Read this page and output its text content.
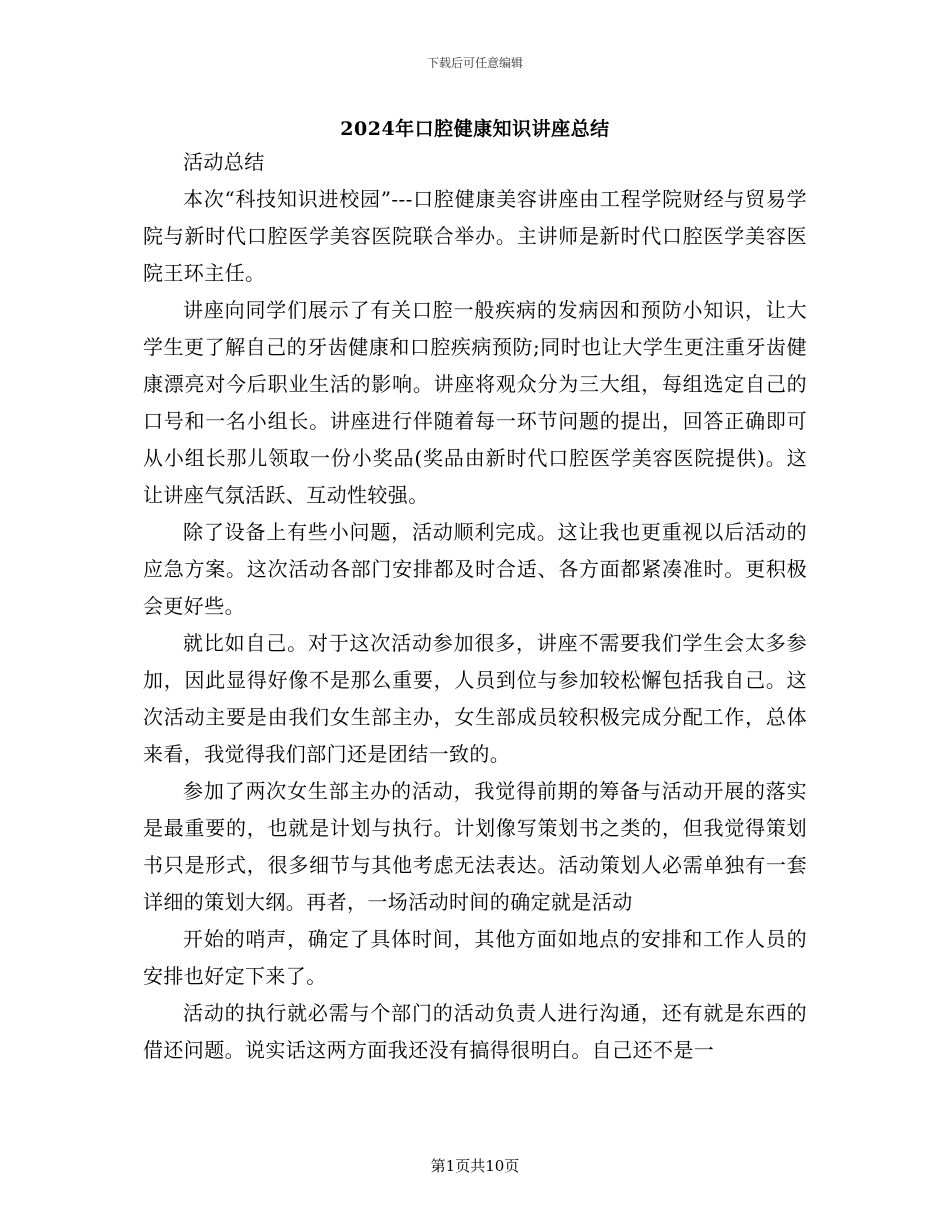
下载后可任意编辑
2024年口腔健康知识讲座总结

活动总结

本次“科技知识进校园”---口腔健康美容讲座由工程学院财经与贸易学院与新时代口腔医学美容医院联合举办。主讲师是新时代口腔医学美容医院王环主任。

讲座向同学们展示了有关口腔一般疾病的发病因和预防小知识，让大学生更了解自己的牙齿健康和口腔疾病预防;同时也让大学生更注重牙齿健康漂亮对今后职业生活的影响。讲座将观众分为三大组，每组选定自己的口号和一名小组长。讲座进行伴随着每一环节问题的提出，回答正确即可从小组长那儿领取一份小奖品(奖品由新时代口腔医学美容医院提供)。这让讲座气氛活跃、互动性较强。

除了设备上有些小问题，活动顺利完成。这让我也更重视以后活动的应急方案。这次活动各部门安排都及时合适、各方面都紧凑准时。更积极会更好些。

就比如自己。对于这次活动参加很多，讲座不需要我们学生会太多参加，因此显得好像不是那么重要，人员到位与参加较松懈包括我自己。这次活动主要是由我们女生部主办，女生部成员较积极完成分配工作，总体来看，我觉得我们部门还是团结一致的。

参加了两次女生部主办的活动，我觉得前期的筹备与活动开展的落实是最重要的，也就是计划与执行。计划像写策划书之类的，但我觉得策划书只是形式，很多细节与其他考虑无法表达。活动策划人必需单独有一套详细的策划大纲。再者，一场活动时间的确定就是活动

开始的哨声，确定了具体时间，其他方面如地点的安排和工作人员的安排也好定下来了。

活动的执行就必需与个部门的活动负责人进行沟通，还有就是东西的借还问题。说实话这两方面我还没有搞得很明白。自己还不是一

第1页共10页
